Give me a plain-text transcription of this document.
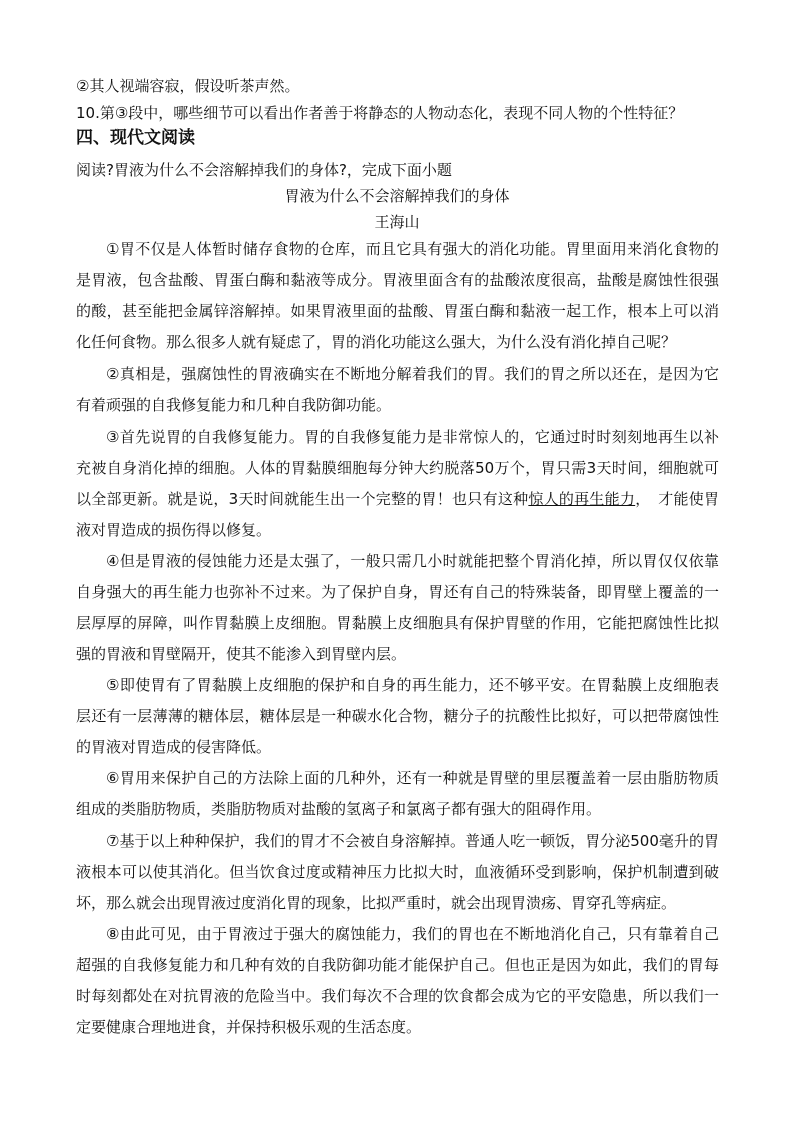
②其人视端容寂，假设听茶声然。
10.第③段中，哪些细节可以看出作者善于将静态的人物动态化，表现不同人物的个性特征？
四、现代文阅读
阅读?胃液为什么不会溶解掉我们的身体?，完成下面小题
胃液为什么不会溶解掉我们的身体
王海山
①胃不仅是人体暂时储存食物的仓库，而且它具有强大的消化功能。胃里面用来消化食物的是胃液，包含盐酸、胃蛋白酶和黏液等成分。胃液里面含有的盐酸浓度很高，盐酸是腐蚀性很强的酸，甚至能把金属锌溶解掉。如果胃液里面的盐酸、胃蛋白酶和黏液一起工作，根本上可以消化任何食物。那么很多人就有疑虑了，胃的消化功能这么强大，为什么没有消化掉自己呢？
②真相是，强腐蚀性的胃液确实在不断地分解着我们的胃。我们的胃之所以还在，是因为它有着顽强的自我修复能力和几种自我防御功能。
③首先说胃的自我修复能力。胃的自我修复能力是非常惊人的，它通过时时刻刻地再生以补充被自身消化掉的细胞。人体的胃黏膜细胞每分钟大约脱落50万个，胃只需3天时间，细胞就可以全部更新。就是说，3天时间就能生出一个完整的胃！也只有这种惊人的再生能力，　才能使胃液对胃造成的损伤得以修复。
④但是胃液的侵蚀能力还是太强了，一般只需几小时就能把整个胃消化掉，所以胃仅仅依靠自身强大的再生能力也弥补不过来。为了保护自身，胃还有自己的特殊装备，即胃壁上覆盖的一层厚厚的屏障，叫作胃黏膜上皮细胞。胃黏膜上皮细胞具有保护胃壁的作用，它能把腐蚀性比拟强的胃液和胃壁隔开，使其不能渗入到胃壁内层。
⑤即使胃有了胃黏膜上皮细胞的保护和自身的再生能力，还不够平安。在胃黏膜上皮细胞表层还有一层薄薄的糖体层，糖体层是一种碳水化合物，糖分子的抗酸性比拟好，可以把带腐蚀性的胃液对胃造成的侵害降低。
⑥胃用来保护自己的方法除上面的几种外，还有一种就是胃壁的里层覆盖着一层由脂肪物质组成的类脂肪物质，类脂肪物质对盐酸的氢离子和氯离子都有强大的阻碍作用。
⑦基于以上种种保护，我们的胃才不会被自身溶解掉。普通人吃一顿饭，胃分泌500毫升的胃液根本可以使其消化。但当饮食过度或精神压力比拟大时，血液循环受到影响，保护机制遭到破坏，那么就会出现胃液过度消化胃的现象，比拟严重时，就会出现胃溃疡、胃穿孔等病症。
⑧由此可见，由于胃液过于强大的腐蚀能力，我们的胃也在不断地消化自己，只有靠着自己超强的自我修复能力和几种有效的自我防御功能才能保护自己。但也正是因为如此，我们的胃每时每刻都处在对抗胃液的危险当中。我们每次不合理的饮食都会成为它的平安隐患，所以我们一定要健康合理地进食，并保持积极乐观的生活态度。
